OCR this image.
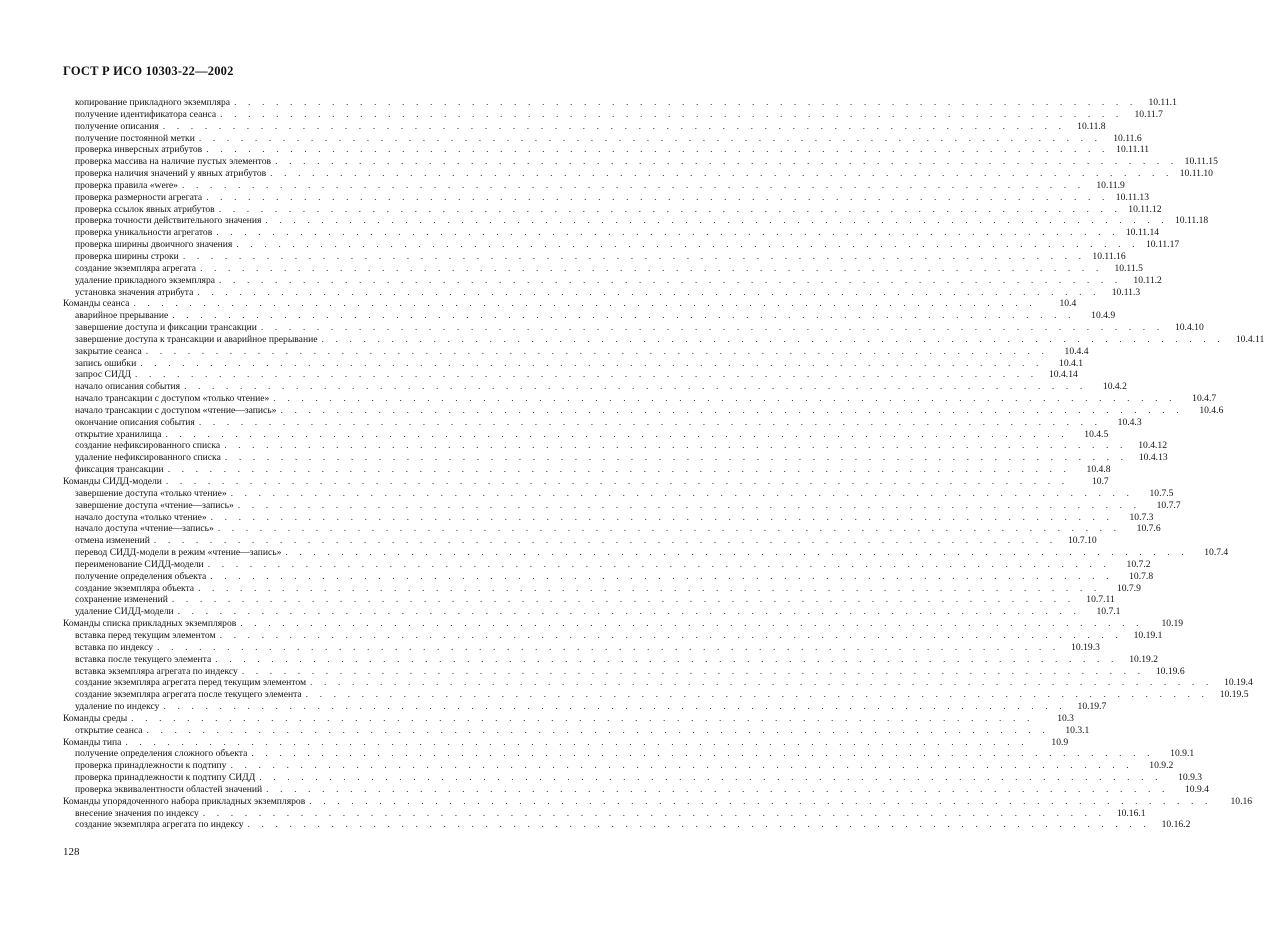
ГОСТ Р ИСО 10303-22—2002
копирование прикладного экземпляра . . . . . . . . . . . . . . . . . . . . . . . . . . . . . . . . . . . . . . . . . . . . . . . . . . . . . . . . . . . . . . . . .	10.11.1
получение идентификатора сеанса . . . . . . . . . . . . . . . . . . . . . . . . . . . . . . . . . . . . . . . . . . . . . . . . . . . . . . . . . . . . . . . . .	10.11.7
получение описания . . . . . . . . . . . . . . . . . . . . . . . . . . . . . . . . . . . . . . . . . . . . . . . . . . . . . . . . . . . . . . . . .	10.11.8
получение постоянной метки . . . . . . . . . . . . . . . . . . . . . . . . . . . . . . . . . . . . . . . . . . . . . . . . . . . . . . . . . . . . . . . . .	10.11.6
проверка инверсных атрибутов . . . . . . . . . . . . . . . . . . . . . . . . . . . . . . . . . . . . . . . . . . . . . . . . . . . . . . . . . . . . . . . . . 10.11.11
проверка массива на наличие пустых элементов . . . . . . . . . . . . . . . . . . . . . . . . . . . . . . . . . . . . . . . . . . . . . . . . . . . . . . . . . . . . . . . . . 10.11.15
проверка наличия значений у явных атрибутов . . . . . . . . . . . . . . . . . . . . . . . . . . . . . . . . . . . . . . . . . . . . . . . . . . . . . . . . . . . . . . . . . 10.11.10
проверка правила «were» . . . . . . . . . . . . . . . . . . . . . . . . . . . . . . . . . . . . . . . . . . . . . . . . . . . . . . . . . . . . . . . . .	10.11.9
проверка размерности агрегата . . . . . . . . . . . . . . . . . . . . . . . . . . . . . . . . . . . . . . . . . . . . . . . . . . . . . . . . . . . . . . . . . 10.11.13
проверка ссылок явных атрибутов . . . . . . . . . . . . . . . . . . . . . . . . . . . . . . . . . . . . . . . . . . . . . . . . . . . . . . . . . . . . . . . . . 10.11.12
проверка точности действительного значения . . . . . . . . . . . . . . . . . . . . . . . . . . . . . . . . . . . . . . . . . . . . . . . . . . . . . . . . . . . . . . . . . 10.11.18
проверка уникальности агрегатов . . . . . . . . . . . . . . . . . . . . . . . . . . . . . . . . . . . . . . . . . . . . . . . . . . . . . . . . . . . . . . . . . 10.11.14
проверка ширины двоичного значения . . . . . . . . . . . . . . . . . . . . . . . . . . . . . . . . . . . . . . . . . . . . . . . . . . . . . . . . . . . . . . . . . 10.11.17
проверка ширины строки . . . . . . . . . . . . . . . . . . . . . . . . . . . . . . . . . . . . . . . . . . . . . . . . . . . . . . . . . . . . . . . . . 10.11.16
создание экземпляра агрегата . . . . . . . . . . . . . . . . . . . . . . . . . . . . . . . . . . . . . . . . . . . . . . . . . . . . . . . . . . . . . . . . .	10.11.5
удаление прикладного экземпляра . . . . . . . . . . . . . . . . . . . . . . . . . . . . . . . . . . . . . . . . . . . . . . . . . . . . . . . . . . . . . . . . .	10.11.2
установка значения атрибута . . . . . . . . . . . . . . . . . . . . . . . . . . . . . . . . . . . . . . . . . . . . . . . . . . . . . . . . . . . . . . . . .	10.11.3
Команды сеанса . . . . . . . . . . . . . . . . . . . . . . . . . . . . . . . . . . . . . . . . . . . . . . . . . . . . . . . . . . . . . . . . .	10.4
аварийное прерывание . . . . . . . . . . . . . . . . . . . . . . . . . . . . . . . . . . . . . . . . . . . . . . . . . . . . . . . . . . . . . . . . .	10.4.9
завершение доступа и фиксации трансакции . . . . . . . . . . . . . . . . . . . . . . . . . . . . . . . . . . . . . . . . . . . . . . . . . . . . . . . . . . . . . . . . .	10.4.10
завершение доступа к трансакции и аварийное прерывание . . . . . . . . . . . . . . . . . . . . . . . . . . . . . . . . . . . . . . . . . . . . . . . . . . . . . . . . . . . . . . . . .	10.4.11
закрытие сеанса . . . . . . . . . . . . . . . . . . . . . . . . . . . . . . . . . . . . . . . . . . . . . . . . . . . . . . . . . . . . . . . . .	10.4.4
запись ошибки . . . . . . . . . . . . . . . . . . . . . . . . . . . . . . . . . . . . . . . . . . . . . . . . . . . . . . . . . . . . . . . . .	10.4.1
запрос СИДД . . . . . . . . . . . . . . . . . . . . . . . . . . . . . . . . . . . . . . . . . . . . . . . . . . . . . . . . . . . . . . . . .	10.4.14
начало описания события . . . . . . . . . . . . . . . . . . . . . . . . . . . . . . . . . . . . . . . . . . . . . . . . . . . . . . . . . . . . . . . . .	10.4.2
начало трансакции с доступом «только чтение» . . . . . . . . . . . . . . . . . . . . . . . . . . . . . . . . . . . . . . . . . . . . . . . . . . . . . . . . . . . . . . . . .	10.4.7
начало трансакции с доступом «чтение—запись» . . . . . . . . . . . . . . . . . . . . . . . . . . . . . . . . . . . . . . . . . . . . . . . . . . . . . . . . . . . . . . . . .	10.4.6
окончание описания события . . . . . . . . . . . . . . . . . . . . . . . . . . . . . . . . . . . . . . . . . . . . . . . . . . . . . . . . . . . . . . . . .	10.4.3
открытие хранилища . . . . . . . . . . . . . . . . . . . . . . . . . . . . . . . . . . . . . . . . . . . . . . . . . . . . . . . . . . . . . . . . .	10.4.5
создание нефиксированного списка . . . . . . . . . . . . . . . . . . . . . . . . . . . . . . . . . . . . . . . . . . . . . . . . . . . . . . . . . . . . . . . . .	10.4.12
удаление нефиксированного списка . . . . . . . . . . . . . . . . . . . . . . . . . . . . . . . . . . . . . . . . . . . . . . . . . . . . . . . . . . . . . . . . .	10.4.13
фиксация трансакции . . . . . . . . . . . . . . . . . . . . . . . . . . . . . . . . . . . . . . . . . . . . . . . . . . . . . . . . . . . . . . . . .	10.4.8
Команды СИДД-модели . . . . . . . . . . . . . . . . . . . . . . . . . . . . . . . . . . . . . . . . . . . . . . . . . . . . . . . . . . . . . . . . .	10.7
завершение доступа «только чтение» . . . . . . . . . . . . . . . . . . . . . . . . . . . . . . . . . . . . . . . . . . . . . . . . . . . . . . . . . . . . . . . . .	10.7.5
завершение доступа «чтение—запись» . . . . . . . . . . . . . . . . . . . . . . . . . . . . . . . . . . . . . . . . . . . . . . . . . . . . . . . . . . . . . . . . .	10.7.7
начало доступа «только чтение» . . . . . . . . . . . . . . . . . . . . . . . . . . . . . . . . . . . . . . . . . . . . . . . . . . . . . . . . . . . . . . . . .	10.7.3
начало доступа «чтение—запись» . . . . . . . . . . . . . . . . . . . . . . . . . . . . . . . . . . . . . . . . . . . . . . . . . . . . . . . . . . . . . . . . .	10.7.6
отмена изменений . . . . . . . . . . . . . . . . . . . . . . . . . . . . . . . . . . . . . . . . . . . . . . . . . . . . . . . . . . . . . . . . .	10.7.10
перевод СИДД-модели в режим «чтение—запись» . . . . . . . . . . . . . . . . . . . . . . . . . . . . . . . . . . . . . . . . . . . . . . . . . . . . . . . . . . . . . . . . .	10.7.4
переименование СИДД-модели . . . . . . . . . . . . . . . . . . . . . . . . . . . . . . . . . . . . . . . . . . . . . . . . . . . . . . . . . . . . . . . . .	10.7.2
получение определения объекта . . . . . . . . . . . . . . . . . . . . . . . . . . . . . . . . . . . . . . . . . . . . . . . . . . . . . . . . . . . . . . . . .	10.7.8
создание экземпляра объекта . . . . . . . . . . . . . . . . . . . . . . . . . . . . . . . . . . . . . . . . . . . . . . . . . . . . . . . . . . . . . . . . .	10.7.9
сохранение изменений . . . . . . . . . . . . . . . . . . . . . . . . . . . . . . . . . . . . . . . . . . . . . . . . . . . . . . . . . . . . . . . . .	10.7.11
удаление СИДД-модели . . . . . . . . . . . . . . . . . . . . . . . . . . . . . . . . . . . . . . . . . . . . . . . . . . . . . . . . . . . . . . . . .	10.7.1
Команды списка прикладных экземпляров . . . . . . . . . . . . . . . . . . . . . . . . . . . . . . . . . . . . . . . . . . . . . . . . . . . . . . . . . . . . . . . . .	10.19
вставка перед текущим элементом . . . . . . . . . . . . . . . . . . . . . . . . . . . . . . . . . . . . . . . . . . . . . . . . . . . . . . . . . . . . . . . . .	10.19.1
вставка по индексу . . . . . . . . . . . . . . . . . . . . . . . . . . . . . . . . . . . . . . . . . . . . . . . . . . . . . . . . . . . . . . . . .	10.19.3
вставка после текущего элемента . . . . . . . . . . . . . . . . . . . . . . . . . . . . . . . . . . . . . . . . . . . . . . . . . . . . . . . . . . . . . . . . .	10.19.2
вставка экземпляра агрегата по индексу . . . . . . . . . . . . . . . . . . . . . . . . . . . . . . . . . . . . . . . . . . . . . . . . . . . . . . . . . . . . . . . . .	10.19.6
создание экземпляра агрегата перед текущим элементом . . . . . . . . . . . . . . . . . . . . . . . . . . . . . . . . . . . . . . . . . . . . . . . . . . . . . . . . . . . . . . . . .	10.19.4
создание экземпляра агрегата после текущего элемента . . . . . . . . . . . . . . . . . . . . . . . . . . . . . . . . . . . . . . . . . . . . . . . . . . . . . . . . . . . . . . . . .	10.19.5
удаление по индексу . . . . . . . . . . . . . . . . . . . . . . . . . . . . . . . . . . . . . . . . . . . . . . . . . . . . . . . . . . . . . . . . .	10.19.7
Команды среды . . . . . . . . . . . . . . . . . . . . . . . . . . . . . . . . . . . . . . . . . . . . . . . . . . . . . . . . . . . . . . . . .	10.3
открытие сеанса . . . . . . . . . . . . . . . . . . . . . . . . . . . . . . . . . . . . . . . . . . . . . . . . . . . . . . . . . . . . . . . . .	10.3.1
Команды типа . . . . . . . . . . . . . . . . . . . . . . . . . . . . . . . . . . . . . . . . . . . . . . . . . . . . . . . . . . . . . . . . .	10.9
получение определения сложного объекта . . . . . . . . . . . . . . . . . . . . . . . . . . . . . . . . . . . . . . . . . . . . . . . . . . . . . . . . . . . . . . . . .	10.9.1
проверка принадлежности к подтипу . . . . . . . . . . . . . . . . . . . . . . . . . . . . . . . . . . . . . . . . . . . . . . . . . . . . . . . . . . . . . . . . .	10.9.2
проверка принадлежности к подтипу СИДД . . . . . . . . . . . . . . . . . . . . . . . . . . . . . . . . . . . . . . . . . . . . . . . . . . . . . . . . . . . . . . . . .	10.9.3
проверка эквивалентности областей значений . . . . . . . . . . . . . . . . . . . . . . . . . . . . . . . . . . . . . . . . . . . . . . . . . . . . . . . . . . . . . . . . .	10.9.4
Команды упорядоченного набора прикладных экземпляров . . . . . . . . . . . . . . . . . . . . . . . . . . . . . . . . . . . . . . . . . . . . . . . . . . . . . . . . . . . . . . . . .	10.16
внесение значения по индексу . . . . . . . . . . . . . . . . . . . . . . . . . . . . . . . . . . . . . . . . . . . . . . . . . . . . . . . . . . . . . . . . .	10.16.1
создание экземпляра агрегата по индексу . . . . . . . . . . . . . . . . . . . . . . . . . . . . . . . . . . . . . . . . . . . . . . . . . . . . . . . . . . . . . . . . .	10.16.2
128
